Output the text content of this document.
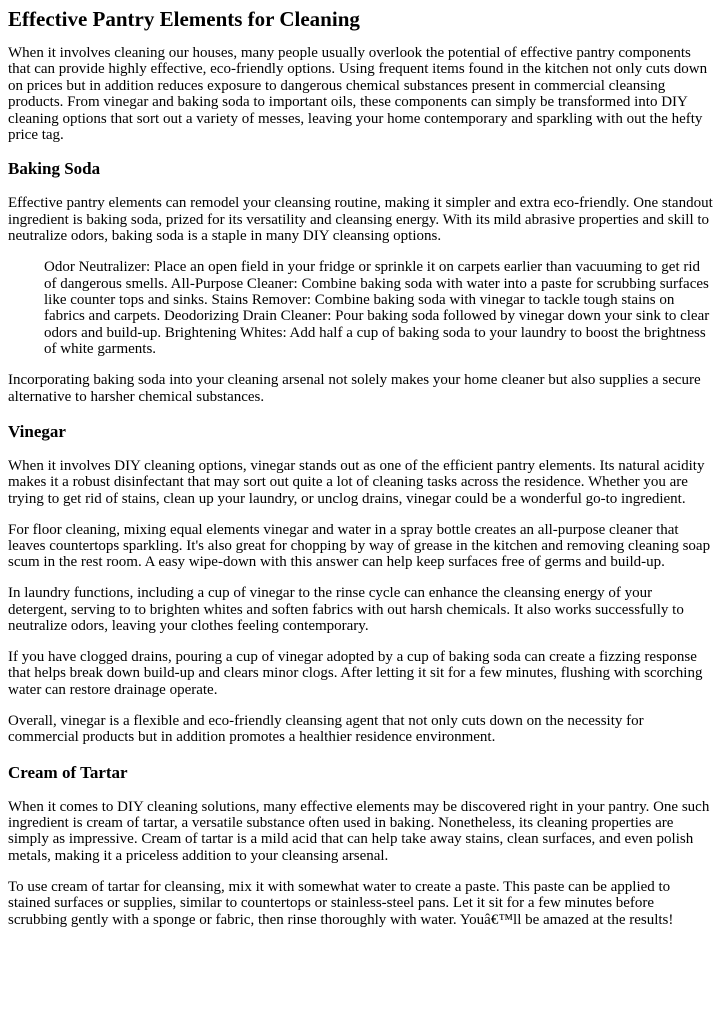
Effective Pantry Elements for Cleaning

When it involves cleaning our houses, many people usually overlook the potential of effective pantry components that can provide highly effective, eco-friendly options. Using frequent items found in the kitchen not only cuts down on prices but in addition reduces exposure to dangerous chemical substances present in commercial cleansing products. From vinegar and baking soda to important oils, these components can simply be transformed into DIY cleaning options that sort out a variety of messes, leaving your home contemporary and sparkling with out the hefty price tag.

Baking Soda

Effective pantry elements can remodel your cleansing routine, making it simpler and extra eco-friendly. One standout ingredient is baking soda, prized for its versatility and cleansing energy. With its mild abrasive properties and skill to neutralize odors, baking soda is a staple in many DIY cleansing options.

Odor Neutralizer: Place an open field in your fridge or sprinkle it on carpets earlier than vacuuming to get rid of dangerous smells. All-Purpose Cleaner: Combine baking soda with water into a paste for scrubbing surfaces like counter tops and sinks. Stains Remover: Combine baking soda with vinegar to tackle tough stains on fabrics and carpets. Deodorizing Drain Cleaner: Pour baking soda followed by vinegar down your sink to clear odors and build-up. Brightening Whites: Add half a cup of baking soda to your laundry to boost the brightness of white garments.

Incorporating baking soda into your cleaning arsenal not solely makes your home cleaner but also supplies a secure alternative to harsher chemical substances.

Vinegar

When it involves DIY cleaning options, vinegar stands out as one of the efficient pantry elements. Its natural acidity makes it a robust disinfectant that may sort out quite a lot of cleaning tasks across the residence. Whether you are trying to get rid of stains, clean up your laundry, or unclog drains, vinegar could be a wonderful go-to ingredient.

For floor cleaning, mixing equal elements vinegar and water in a spray bottle creates an all-purpose cleaner that leaves countertops sparkling. It's also great for chopping by way of grease in the kitchen and removing cleaning soap scum in the rest room. A easy wipe-down with this answer can help keep surfaces free of germs and build-up.

In laundry functions, including a cup of vinegar to the rinse cycle can enhance the cleansing energy of your detergent, serving to to brighten whites and soften fabrics with out harsh chemicals. It also works successfully to neutralize odors, leaving your clothes feeling contemporary.

If you have clogged drains, pouring a cup of vinegar adopted by a cup of baking soda can create a fizzing response that helps break down build-up and clears minor clogs. After letting it sit for a few minutes, flushing with scorching water can restore drainage operate.

Overall, vinegar is a flexible and eco-friendly cleansing agent that not only cuts down on the necessity for commercial products but in addition promotes a healthier residence environment.

Cream of Tartar

When it comes to DIY cleaning solutions, many effective elements may be discovered right in your pantry. One such ingredient is cream of tartar, a versatile substance often used in baking. Nonetheless, its cleaning properties are simply as impressive. Cream of tartar is a mild acid that can help take away stains, clean surfaces, and even polish metals, making it a priceless addition to your cleansing arsenal.

To use cream of tartar for cleansing, mix it with somewhat water to create a paste. This paste can be applied to stained surfaces or supplies, similar to countertops or stainless-steel pans. Let it sit for a few minutes before scrubbing gently with a sponge or fabric, then rinse thoroughly with water. Youâ€™ll be amazed at the results!
